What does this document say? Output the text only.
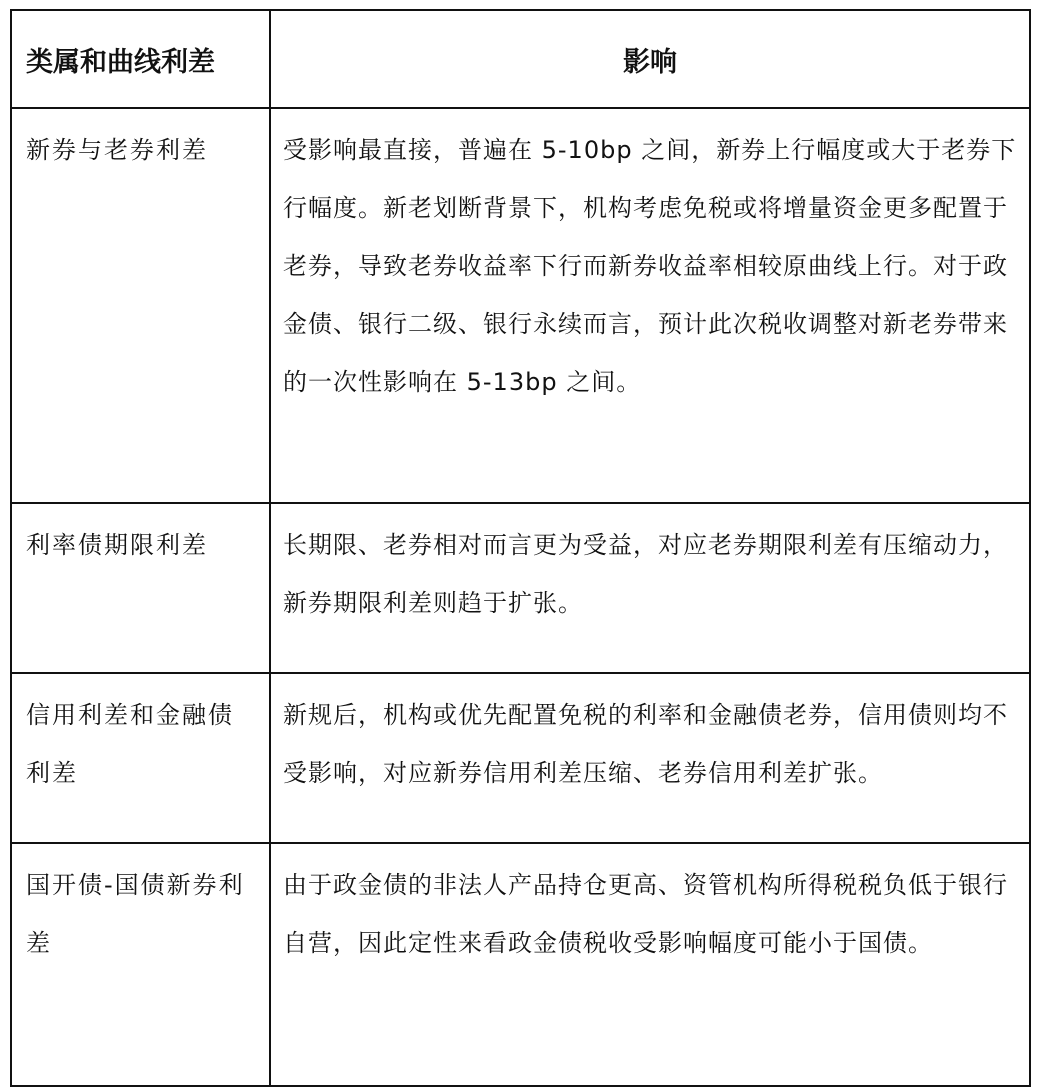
类属和曲线利差	影响
新券与老券利差	受影响最直接，普遍在 5-10bp 之间，新券上行幅度或大于老券下行幅度。新老划断背景下，机构考虑免税或将增量资金更多配置于老券，导致老券收益率下行而新券收益率相较原曲线上行。对于政金债、银行二级、银行永续而言，预计此次税收调整对新老券带来的一次性影响在 5-13bp 之间。
利率债期限利差	长期限、老券相对而言更为受益，对应老券期限利差有压缩动力，新券期限利差则趋于扩张。
信用利差和金融债利差	新规后，机构或优先配置免税的利率和金融债老券，信用债则均不受影响，对应新券信用利差压缩、老券信用利差扩张。
国开债-国债新券利差	由于政金债的非法人产品持仓更高、资管机构所得税税负低于银行自营，因此定性来看政金债税收受影响幅度可能小于国债。
